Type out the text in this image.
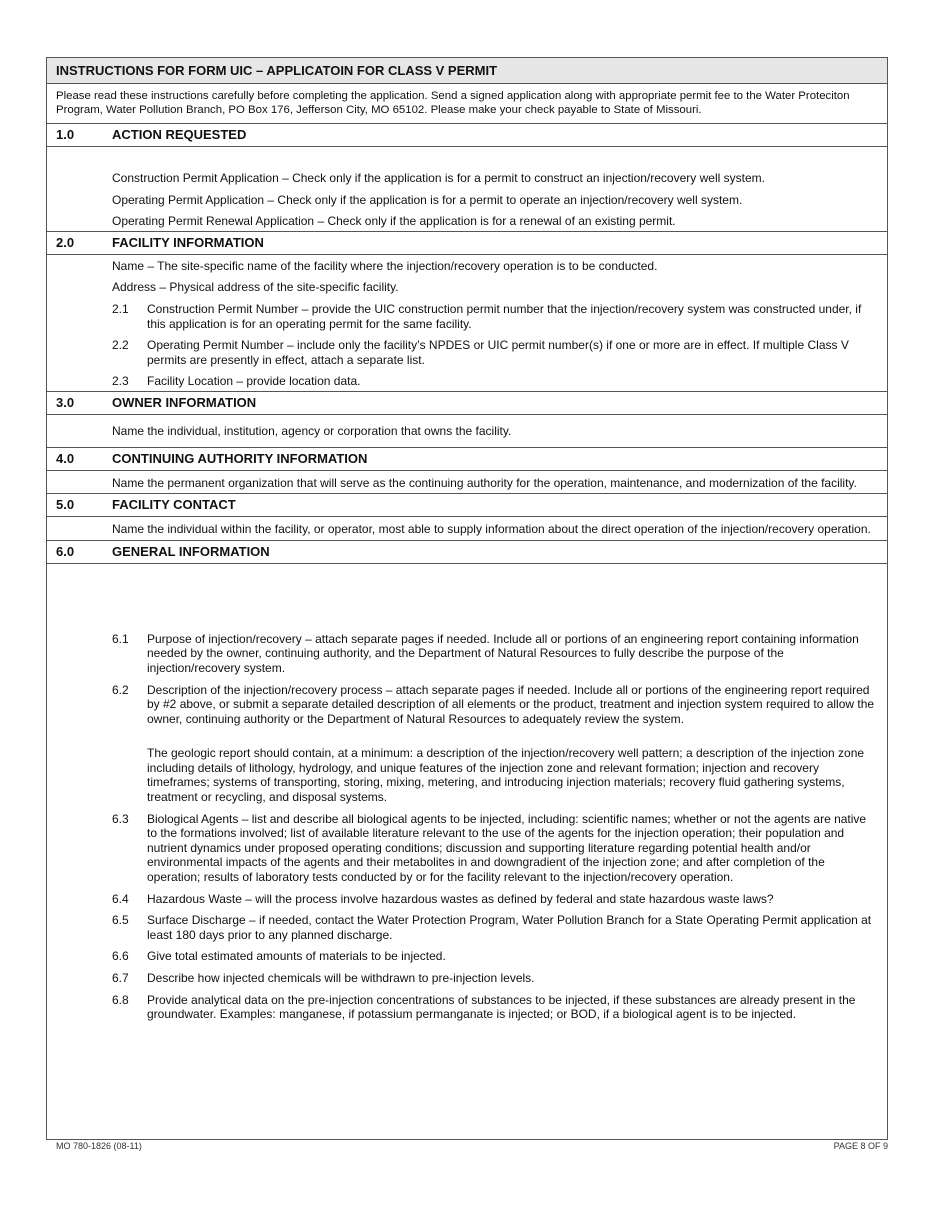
INSTRUCTIONS FOR FORM UIC – APPLICATOIN FOR CLASS V PERMIT
Please read these instructions carefully before completing the application. Send a signed application along with appropriate permit fee to the Water Proteciton Program, Water Pollution Branch, PO Box 176, Jefferson City, MO 65102. Please make your check payable to State of Missouri.
1.0	ACTION REQUESTED

Construction Permit Application – Check only if the application is for a permit to construct an injection/recovery well system.

Operating Permit Application – Check only if the application is for a permit to operate an injection/recovery well system.

Operating Permit Renewal Application – Check only if the application is for a renewal of an existing permit.

2.0	FACILITY INFORMATION

Name – The site-specific name of the facility where the injection/recovery operation is to be conducted.

Address – Physical address of the site-specific facility.

2.1 Construction Permit Number – provide the UIC construction permit number that the injection/recovery system was constructed under, if this application is for an operating permit for the same facility.
2.2 Operating Permit Number – include only the facility’s NPDES or UIC permit number(s) if one or more are in effect. If multiple Class V permits are presently in effect, attach a separate list.
2.3 Facility Location – provide location data.
3.0	OWNER INFORMATION

Name the individual, institution, agency or corporation that owns the facility.

4.0	CONTINUING AUTHORITY INFORMATION

Name the permanent organization that will serve as the continuing authority for the operation, maintenance, and modernization of the facility.

5.0	FACILITY CONTACT

Name the individual within the facility, or operator, most able to supply information about the direct operation of the injection/recovery operation.

6.0	GENERAL INFORMATION
6.1 Purpose of injection/recovery – attach separate pages if needed. Include all or portions of an engineering report containing information needed by the owner, continuing authority, and the Department of Natural Resources to fully describe the purpose of the injection/recovery system.
6.2 Description of the injection/recovery process – attach separate pages if needed. Include all or portions of the engineering report required by #2 above, or submit a separate detailed description of all elements or the product, treatment and injection system required to allow the owner, continuing authority or the Department of Natural Resources to adequately review the system.
The geologic report should contain, at a minimum: a description of the injection/recovery well pattern; a description of the injection zone including details of lithology, hydrology, and unique features of the injection zone and relevant formation; injection and recovery timeframes; systems of transporting, storing, mixing, metering, and introducing injection materials; recovery fluid gathering systems, treatment or recycling, and disposal systems.
6.3 Biological Agents – list and describe all biological agents to be injected, including: scientific names; whether or not the agents are native to the formations involved; list of available literature relevant to the use of the agents for the injection operation; their population and nutrient dynamics under proposed operating conditions; discussion and supporting literature regarding potential health and/or environmental impacts of the agents and their metabolites in and downgradient of the injection zone; and after completion of the operation; results of laboratory tests conducted by or for the facility relevant to the injection/recovery operation.
6.4 Hazardous Waste – will the process involve hazardous wastes as defined by federal and state hazardous waste laws?
6.5 Surface Discharge – if needed, contact the Water Protection Program, Water Pollution Branch for a State Operating Permit application at least 180 days prior to any planned discharge.
6.6 Give total estimated amounts of materials to be injected.
6.7 Describe how injected chemicals will be withdrawn to pre-injection levels.
6.8 Provide analytical data on the pre-injection concentrations of substances to be injected, if these substances are already present in the groundwater. Examples: manganese, if potassium permanganate is injected; or BOD, if a biological agent is to be injected.
MO 780-1826 (08-11)	PAGE 8 OF 9
